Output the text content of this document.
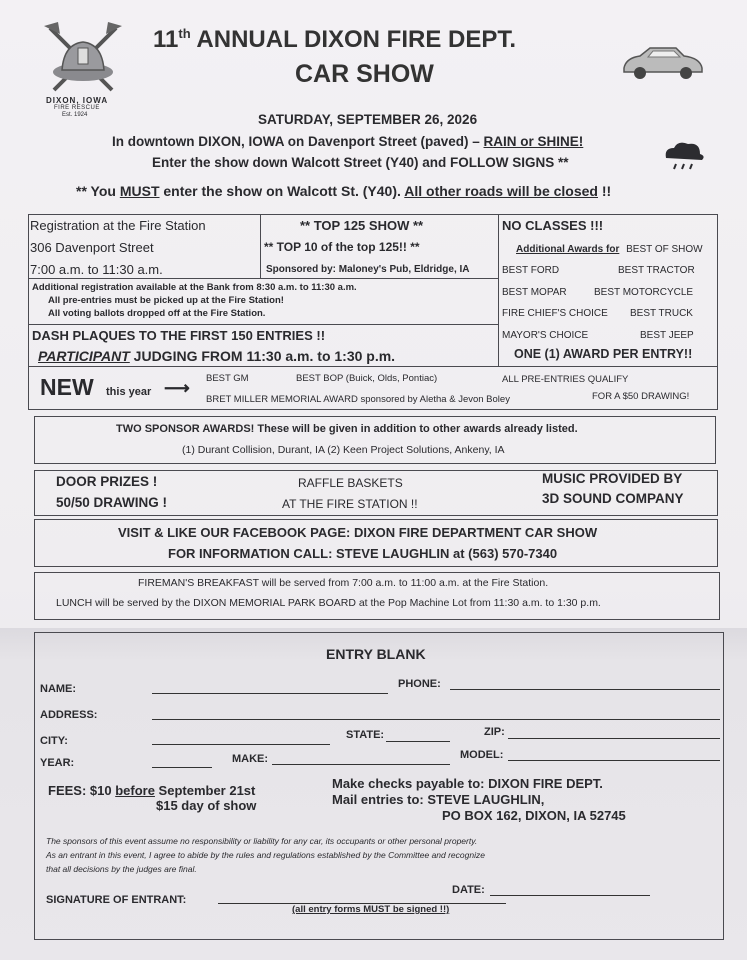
DIXON, IOWA
FIRE RESCUE
Est. 1924
11th ANNUAL DIXON FIRE DEPT.
CAR SHOW
SATURDAY, SEPTEMBER 26, 2026
In downtown DIXON, IOWA on Davenport Street (paved) – RAIN or SHINE!
Enter the show down Walcott Street (Y40) and FOLLOW SIGNS **
** You MUST enter the show on Walcott St. (Y40). All other roads will be closed !!
Registration at the Fire Station
306 Davenport Street
7:00 a.m. to 11:30 a.m.
** TOP 125 SHOW **
** TOP 10 of the top 125!! **
Sponsored by: Maloney's Pub, Eldridge, IA
Additional registration available at the Bank from 8:30 a.m. to 11:30 a.m.
All pre-entries must be picked up at the Fire Station!
All voting ballots dropped off at the Fire Station.
DASH PLAQUES TO THE FIRST 150 ENTRIES !!
PARTICIPANT JUDGING FROM 11:30 a.m. to 1:30 p.m.
NO CLASSES !!!
Additional Awards for BEST OF SHOW
BEST FORD	BEST TRACTOR
BEST MOPAR	BEST MOTORCYCLE
FIRE CHIEF'S CHOICE BEST TRUCK
MAYOR'S CHOICE	BEST JEEP
ONE (1) AWARD PER ENTRY!!
NEW this year ⟶ BEST GM	BEST BOP (Buick, Olds, Pontiac)
BRET MILLER MEMORIAL AWARD sponsored by Aletha & Jevon Boley
ALL PRE-ENTRIES QUALIFY
FOR A $50 DRAWING!
TWO SPONSOR AWARDS! These will be given in addition to other awards already listed.
(1) Durant Collision, Durant, IA (2) Keen Project Solutions, Ankeny, IA
DOOR PRIZES !
50/50 DRAWING !
RAFFLE BASKETS
AT THE FIRE STATION !!
MUSIC PROVIDED BY
3D SOUND COMPANY
VISIT & LIKE OUR FACEBOOK PAGE: DIXON FIRE DEPARTMENT CAR SHOW
FOR INFORMATION CALL: STEVE LAUGHLIN at (563) 570-7340
FIREMAN'S BREAKFAST will be served from 7:00 a.m. to 11:00 a.m. at the Fire Station.
LUNCH will be served by the DIXON MEMORIAL PARK BOARD at the Pop Machine Lot from 11:30 a.m. to 1:30 p.m.
ENTRY BLANK
NAME:	PHONE:
ADDRESS:
CITY:	STATE:	ZIP:
YEAR:	MAKE:	MODEL:
FEES: $10 before September 21st
$15 day of show
Make checks payable to: DIXON FIRE DEPT.
Mail entries to: STEVE LAUGHLIN,
PO BOX 162, DIXON, IA 52745
The sponsors of this event assume no responsibility or liability for any car, its occupants or other personal property.
As an entrant in this event, I agree to abide by the rules and regulations established by the Committee and recognize
that all decisions by the judges are final.
DATE:
SIGNATURE OF ENTRANT:
(all entry forms MUST be signed !!)
